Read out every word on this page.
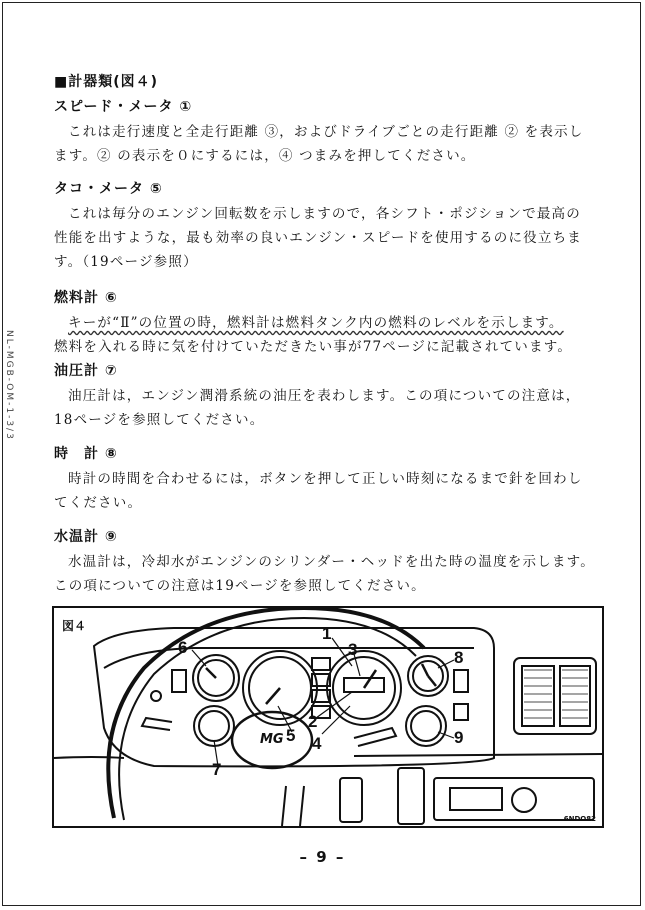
NL-MGB-OM-1-3/3
■計器類(図４)
スピード・メータ ①
これは走行速度と全走行距離 ③，およびドライブごとの走行距離 ② を表示し
ます。② の表示を０にするには，④ つまみを押してください。
タコ・メータ ⑤
これは毎分のエンジン回転数を示しますので，各シフト・ポジションで最高の
性能を出すような，最も効率の良いエンジン・スピードを使用するのに役立ちま
す。（19ページ参照）
燃料計 ⑥
キーが“Ⅱ”の位置の時，燃料計は燃料タンク内の燃料のレベルを示します。
燃料を入れる時に気を付けていただきたい事が77ページに記載されています。
油圧計 ⑦
油圧計は，エンジン潤滑系統の油圧を表わします。この項についての注意は，
18ページを参照してください。
時　計 ⑧
時計の時間を合わせるには，ボタンを押して正しい時刻になるまで針を回わし
てください。
水温計 ⑨
水温計は，冷却水がエンジンのシリンダー・ヘッドを出た時の温度を示します。
この項についての注意は19ページを参照してください。
図４
6NDO82
1
2
3
4
5
6
7
8
9
MG
– 9 –
